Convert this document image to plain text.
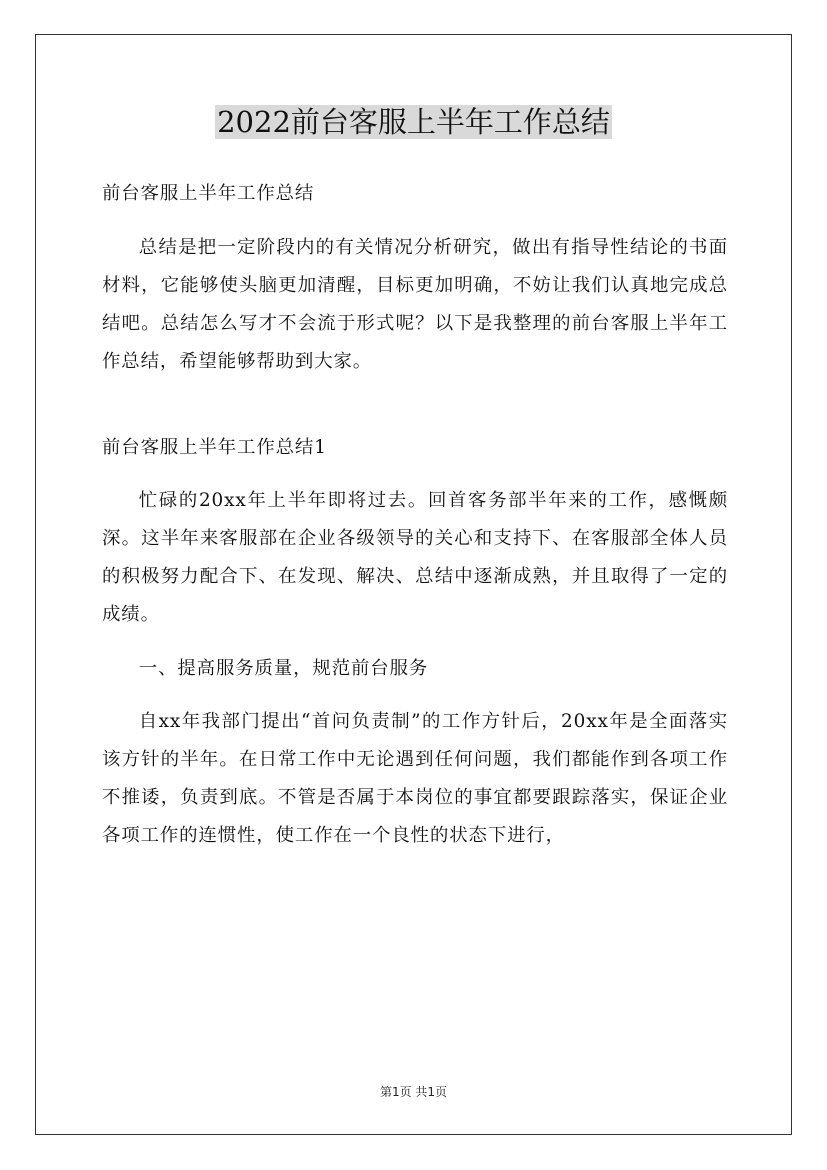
2022前台客服上半年工作总结

前台客服上半年工作总结

总结是把一定阶段内的有关情况分析研究，做出有指导性结论的书面材料，它能够使头脑更加清醒，目标更加明确，不妨让我们认真地完成总结吧。总结怎么写才不会流于形式呢？以下是我整理的前台客服上半年工作总结，希望能够帮助到大家。

前台客服上半年工作总结1

忙碌的20xx年上半年即将过去。回首客务部半年来的工作，感慨颇深。这半年来客服部在企业各级领导的关心和支持下、在客服部全体人员的积极努力配合下、在发现、解决、总结中逐渐成熟，并且取得了一定的成绩。

一、提高服务质量，规范前台服务

自xx年我部门提出“首问负责制”的工作方针后，20xx年是全面落实该方针的半年。在日常工作中无论遇到任何问题，我们都能作到各项工作不推诿，负责到底。不管是否属于本岗位的事宜都要跟踪落实，保证企业各项工作的连惯性，使工作在一个良性的状态下进行，

第1页 共1页
